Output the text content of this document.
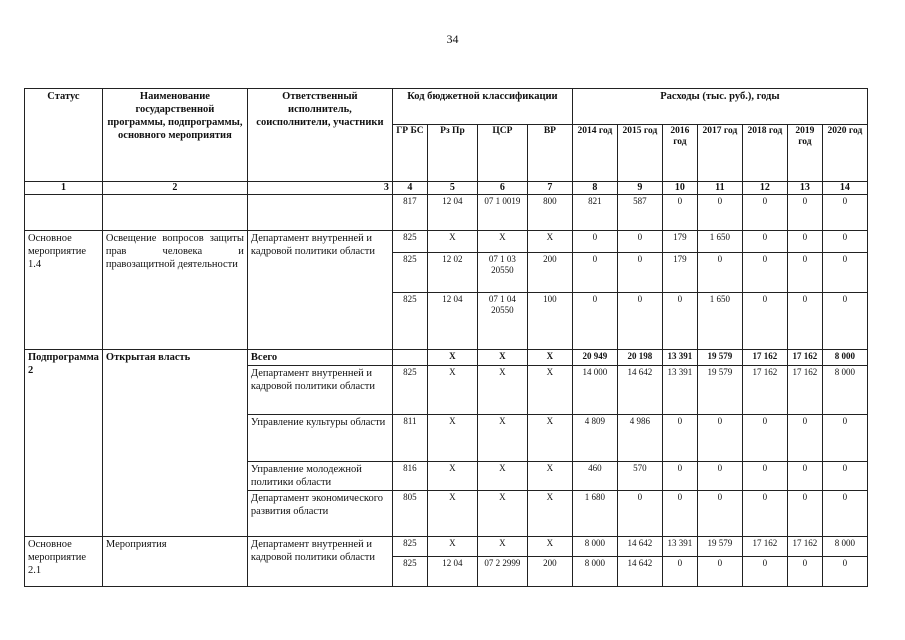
34
Статус	Наименование государственной программы, подпрограммы, основного мероприятия	Ответственный исполнитель, соисполнители, участники	Код бюджетной классификации				Расходы (тыс. руб.), годы						
			ГР БС	Рз Пр	ЦСР	ВР	2014 год	2015 год	2016 год	2017 год	2018 год	2019 год	2020 год
1	2	3	4	5	6	7	8	9	10	11	12	13	14
			817	12 04	07 1 0019	800	821	587	0	0	0	0	0
Основное мероприятие 1.4	Освещение вопросов защиты прав человека и правозащитной деятельности	Департамент внутренней и кадровой политики области	825	Х	Х	Х	0	0	179	1 650	0	0	0
			825	12 02	07 1 03 20550	200	0	0	179	0	0	0	0
			825	12 04	07 1 04 20550	100	0	0	0	1 650	0	0	0
Подпрограмма 2	Открытая власть	Всего		Х	Х	Х	20 949	20 198	13 391	19 579	17 162	17 162	8 000
		Департамент внутренней и кадровой политики области	825	Х	Х	Х	14 000	14 642	13 391	19 579	17 162	17 162	8 000
		Управление культуры области	811	Х	Х	Х	4 809	4 986	0	0	0	0	0
		Управление молодежной политики области	816	Х	Х	Х	460	570	0	0	0	0	0
		Департамент экономического развития области	805	Х	Х	Х	1 680	0	0	0	0	0	0
Основное мероприятие 2.1	Мероприятия	Департамент внутренней и кадровой политики области	825	Х	Х	Х	8 000	14 642	13 391	19 579	17 162	17 162	8 000
			825	12 04	07 2 2999	200	8 000	14 642	0	0	0	0	0
